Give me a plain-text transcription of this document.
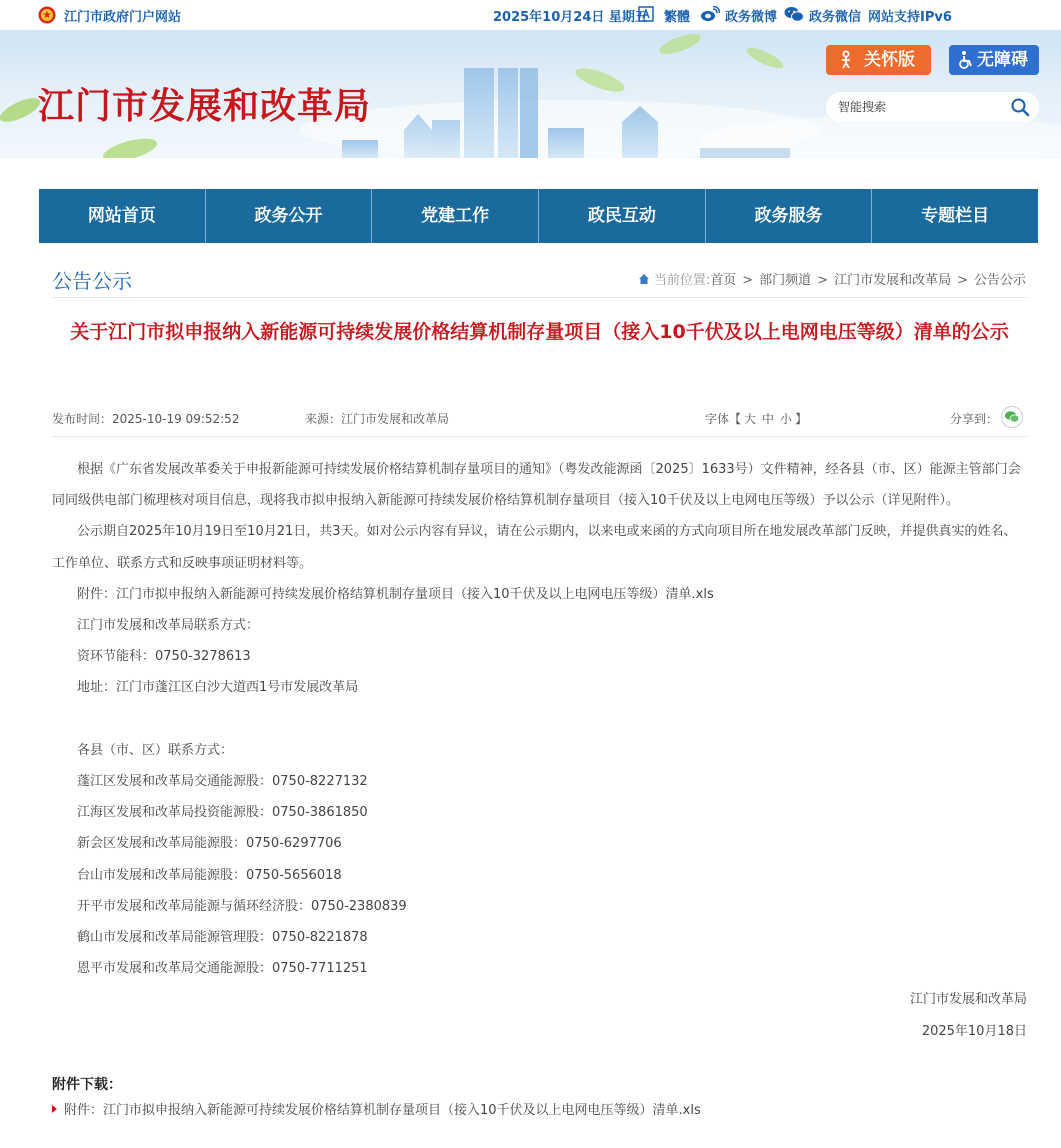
江门市政府门户网站	2025年10月24日 星期五 繁體	政务微博 政务微信 网站支持IPv6
江门市发展和改革局
关怀版	无障碍
智能搜索
网站首页	政务公开	党建工作	政民互动	政务服务	专题栏目
公告公示	当前位置:首页 > 部门频道 > 江门市发展和改革局 > 公告公示
关于江门市拟申报纳入新能源可持续发展价格结算机制存量项目（接入10千伏及以上电网电压等级）清单的公示
发布时间：2025-10-19 09:52:52	来源：江门市发展和改革局	字体【 大 中 小 】	分享到：

根据《广东省发展改革委关于申报新能源可持续发展价格结算机制存量项目的通知》（粤发改能源函〔2025〕1633号）文件精神，经各县（市、区）能源主管部门会同同级供电部门梳理核对项目信息，现将我市拟申报纳入新能源可持续发展价格结算机制存量项目（接入10千伏及以上电网电压等级）予以公示（详见附件）。

公示期自2025年10月19日至10月21日，共3天。如对公示内容有异议，请在公示期内，以来电或来函的方式向项目所在地发展改革部门反映，并提供真实的姓名、工作单位、联系方式和反映事项证明材料等。

附件：江门市拟申报纳入新能源可持续发展价格结算机制存量项目（接入10千伏及以上电网电压等级）清单.xls

江门市发展和改革局联系方式：

资环节能科：0750-3278613

地址：江门市蓬江区白沙大道西1号市发展改革局

各县（市、区）联系方式：

蓬江区发展和改革局交通能源股：0750-8227132

江海区发展和改革局投资能源股：0750-3861850

新会区发展和改革局能源股：0750-6297706

台山市发展和改革局能源股：0750-5656018

开平市发展和改革局能源与循环经济股：0750-2380839

鹤山市发展和改革局能源管理股：0750-8221878

恩平市发展和改革局交通能源股：0750-7711251

江门市发展和改革局

2025年10月18日

附件下载：
附件：江门市拟申报纳入新能源可持续发展价格结算机制存量项目（接入10千伏及以上电网电压等级）清单.xls
